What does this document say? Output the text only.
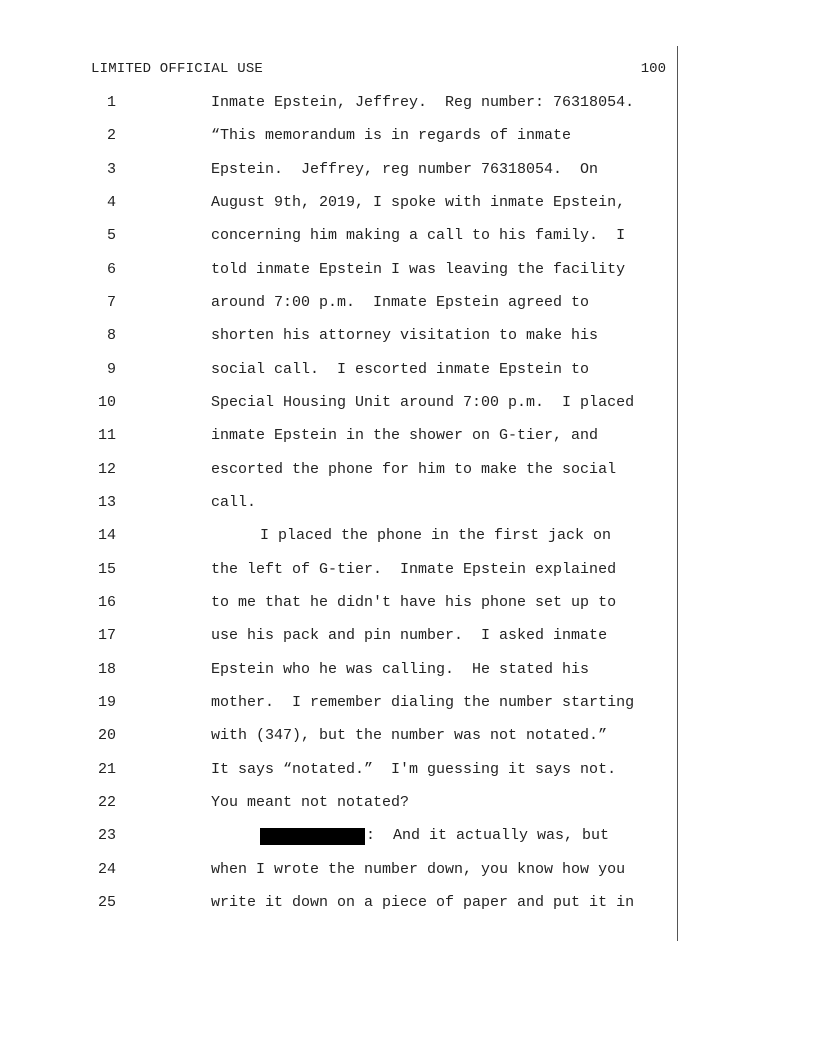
LIMITED OFFICIAL USE	100
1	Inmate Epstein, Jeffrey.  Reg number: 76318054.
2	“This memorandum is in regards of inmate
3	Epstein.  Jeffrey, reg number 76318054.  On
4	August 9th, 2019, I spoke with inmate Epstein,
5	concerning him making a call to his family.  I
6	told inmate Epstein I was leaving the facility
7	around 7:00 p.m.  Inmate Epstein agreed to
8	shorten his attorney visitation to make his
9	social call.  I escorted inmate Epstein to
10	Special Housing Unit around 7:00 p.m.  I placed
11	inmate Epstein in the shower on G-tier, and
12	escorted the phone for him to make the social
13	call.
14	I placed the phone in the first jack on
15	the left of G-tier.  Inmate Epstein explained
16	to me that he didn't have his phone set up to
17	use his pack and pin number.  I asked inmate
18	Epstein who he was calling.  He stated his
19	mother.  I remember dialing the number starting
20	with (347), but the number was not notated.”
21	It says “notated.”  I'm guessing it says not.
22	You meant not notated?
23	:  And it actually was, but
24	when I wrote the number down, you know how you
25	write it down on a piece of paper and put it in
